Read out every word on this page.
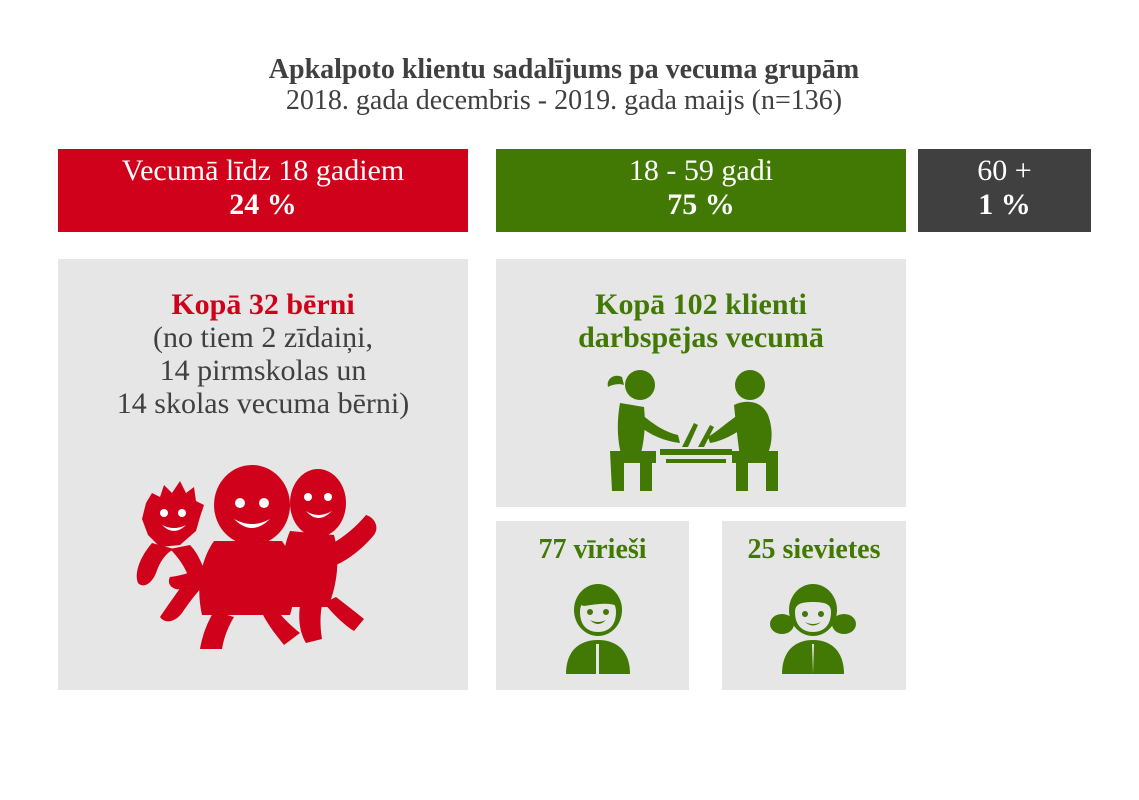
Apkalpoto klientu sadalījums pa vecuma grupām
2018. gada decembris - 2019. gada maijs (n=136)
Vecumā līdz 18 gadiem
24 %
18 - 59 gadi
75 %
60 +
1 %
Kopā 32 bērni
(no tiem 2 zīdaiņi,
14 pirmskolas un
14 skolas vecuma bērni)
Kopā 102 klienti
darbspējas vecumā
77 vīrieši	25 sievietes
